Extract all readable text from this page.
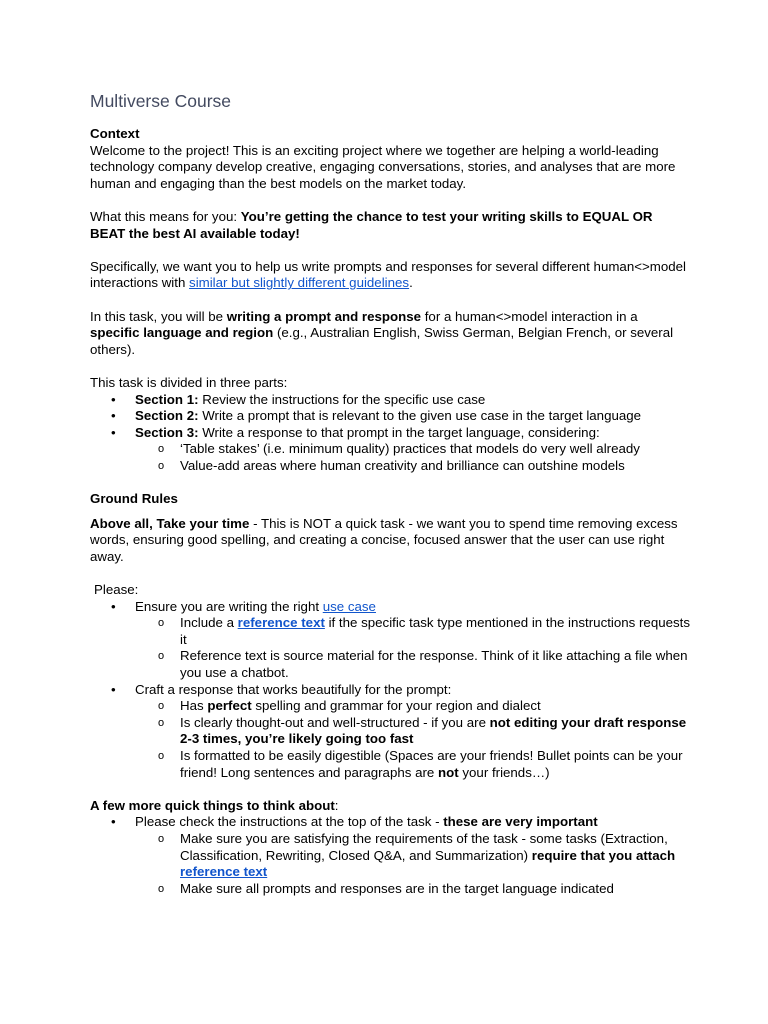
Multiverse Course

Context

Welcome to the project! This is an exciting project where we together are helping a world-leading technology company develop creative, engaging conversations, stories, and analyses that are more human and engaging than the best models on the market today.

What this means for you: You’re getting the chance to test your writing skills to EQUAL OR BEAT the best AI available today!

Specifically, we want you to help us write prompts and responses for several different human<>model interactions with similar but slightly different guidelines.

In this task, you will be writing a prompt and response for a human<>model interaction in a specific language and region (e.g., Australian English, Swiss German, Belgian French, or several others).

This task is divided in three parts:

• Section 1: Review the instructions for the specific use case
• Section 2: Write a prompt that is relevant to the given use case in the target language
• Section 3: Write a response to that prompt in the target language, considering:
o ‘Table stakes’ (i.e. minimum quality) practices that models do very well already
o Value-add areas where human creativity and brilliance can outshine models

Ground Rules

Above all, Take your time - This is NOT a quick task - we want you to spend time removing excess words, ensuring good spelling, and creating a concise, focused answer that the user can use right away.

Please:

• Ensure you are writing the right use case
o Include a reference text if the specific task type mentioned in the instructions requests it
o Reference text is source material for the response. Think of it like attaching a file when you use a chatbot.
• Craft a response that works beautifully for the prompt:
o Has perfect spelling and grammar for your region and dialect
o Is clearly thought-out and well-structured - if you are not editing your draft response 2-3 times, you’re likely going too fast
o Is formatted to be easily digestible (Spaces are your friends! Bullet points can be your friend! Long sentences and paragraphs are not your friends…)

A few more quick things to think about:

• Please check the instructions at the top of the task - these are very important
o Make sure you are satisfying the requirements of the task - some tasks (Extraction, Classification, Rewriting, Closed Q&A, and Summarization) require that you attach reference text
o Make sure all prompts and responses are in the target language indicated
